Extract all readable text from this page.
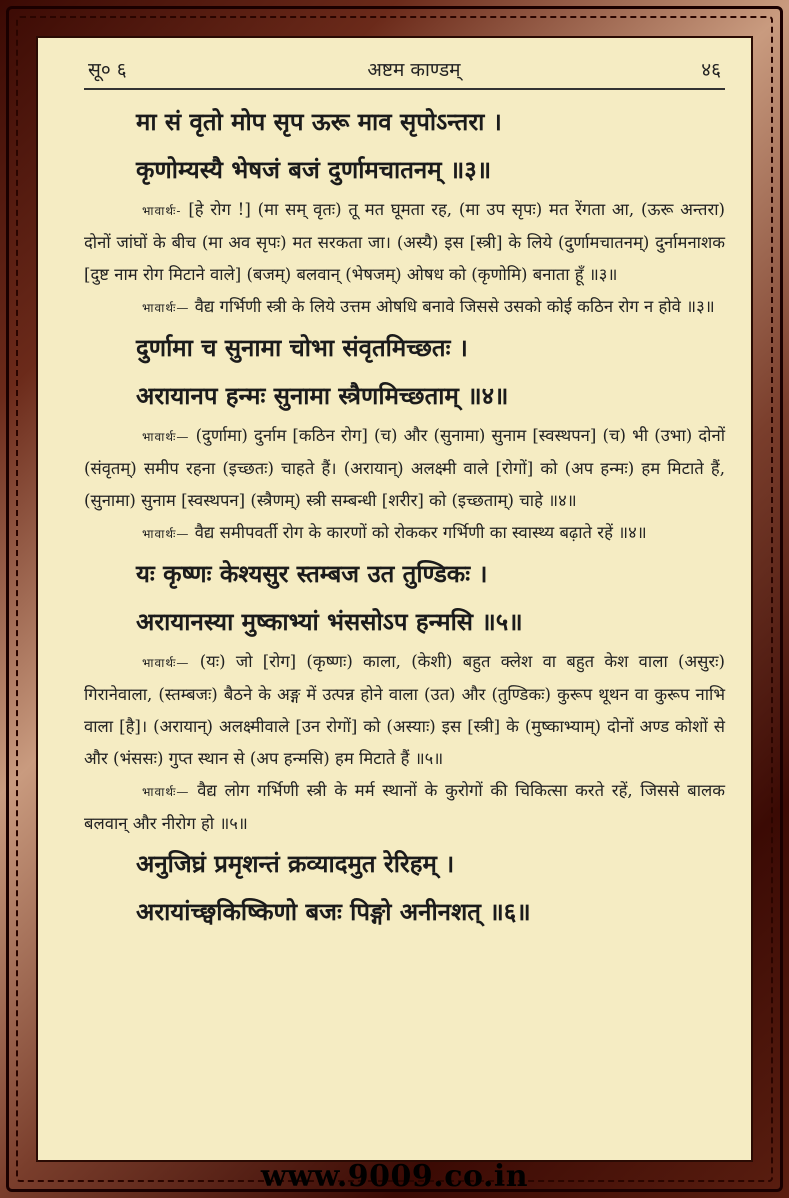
सू० ६	अष्टम काण्डम्	४६
मा सं वृतो मोप सृप ऊरू माव सृपोऽन्तरा ।
कृणोम्यस्यै भेषजं बजं दुर्णामचातनम् ॥३॥
भावार्थः- [हे रोग !] (मा सम् वृतः) तू मत घूमता रह, (मा उप सृपः) मत रेंगता आ, (ऊरू अन्तरा) दोनों जांघों के बीच (मा अव सृपः) मत सरकता जा। (अस्यै) इस [स्त्री] के लिये (दुर्णामचातनम्) दुर्नामनाशक [दुष्ट नाम रोग मिटाने वाले] (बजम्) बलवान् (भेषजम्) ओषध को (कृणोमि) बनाता हूँ ॥३॥
भावार्थः— वैद्य गर्भिणी स्त्री के लिये उत्तम ओषधि बनावे जिससे उसको कोई कठिन रोग न होवे ॥३॥
दुर्णामा च सुनामा चोभा संवृतमिच्छतः ।
अरायानप हन्मः सुनामा स्त्रैणमिच्छताम् ॥४॥
भावार्थः— (दुर्णामा) दुर्नाम [कठिन रोग] (च) और (सुनामा) सुनाम [स्वस्थपन] (च) भी (उभा) दोनों (संवृतम्) समीप रहना (इच्छतः) चाहते हैं। (अरायान्) अलक्ष्मी वाले [रोगों] को (अप हन्मः) हम मिटाते हैं, (सुनामा) सुनाम [स्वस्थपन] (स्त्रैणम्) स्त्री सम्बन्धी [शरीर] को (इच्छताम्) चाहे ॥४॥
भावार्थः— वैद्य समीपवर्ती रोग के कारणों को रोककर गर्भिणी का स्वास्थ्य बढ़ाते रहें ॥४॥
यः कृष्णः केश्यसुर स्तम्बज उत तुण्डिकः ।
अरायानस्या मुष्काभ्यां भंससोऽप हन्मसि ॥५॥
भावार्थः— (यः) जो [रोग] (कृष्णः) काला, (केशी) बहुत क्लेश वा बहुत केश वाला (असुरः) गिरानेवाला, (स्तम्बजः) बैठने के अङ्ग में उत्पन्न होने वाला (उत) और (तुण्डिकः) कुरूप थूथन वा कुरूप नाभि वाला [है]। (अरायान्) अलक्ष्मीवाले [उन रोगों] को (अस्याः) इस [स्त्री] के (मुष्काभ्याम्) दोनों अण्ड कोशों से और (भंससः) गुप्त स्थान से (अप हन्मसि) हम मिटाते हैं ॥५॥
भावार्थः— वैद्य लोग गर्भिणी स्त्री के मर्म स्थानों के कुरोगों की चिकित्सा करते रहें, जिससे बालक बलवान् और नीरोग हो ॥५॥
अनुजिघ्रं प्रमृशन्तं क्रव्यादमुत रेरिहम् ।
अरायांच्छ्वकिष्किणो बजः पिङ्गो अनीनशत् ॥६॥
www.9009.co.in
